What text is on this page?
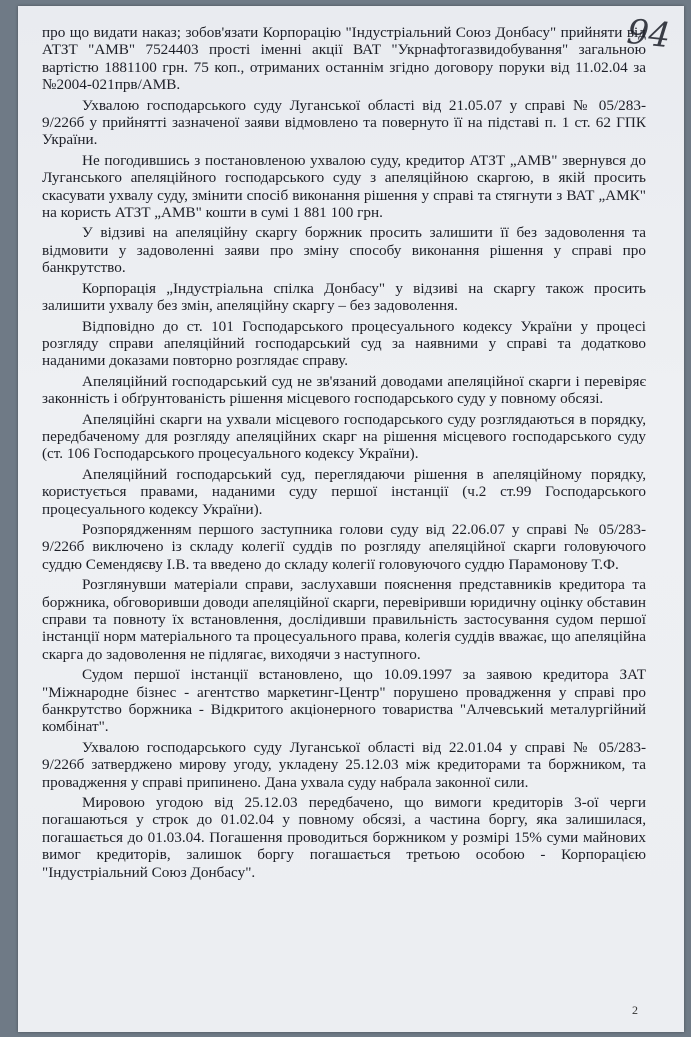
94

про що видати наказ; зобов'язати Корпорацію "Індустріальний Союз Донбасу" прийняти від АТЗТ "АМВ" 7524403 прості іменні акції ВАТ "Укрнафтогазвидобування" загальною вартістю 1881100 грн. 75 коп., отриманих останнім згідно договору поруки від 11.02.04 за №2004-021прв/АМВ.

Ухвалою господарського суду Луганської області від 21.05.07 у справі № 05/283-9/226б у прийнятті зазначеної заяви відмовлено та повернуто її на підставі п. 1 ст. 62 ГПК України.

Не погодившись з постановленою ухвалою суду, кредитор АТЗТ „АМВ" звернувся до Луганського апеляційного господарського суду з апеляційною скаргою, в якій просить скасувати ухвалу суду, змінити спосіб виконання рішення у справі та стягнути з ВАТ „АМК" на користь АТЗТ „АМВ" кошти в сумі 1 881 100 грн.

У відзиві на апеляційну скаргу боржник просить залишити її без задоволення та відмовити у задоволенні заяви про зміну способу виконання рішення у справі про банкрутство.

Корпорація „Індустріальна спілка Донбасу" у відзиві на скаргу також просить залишити ухвалу без змін, апеляційну скаргу – без задоволення.

Відповідно до ст. 101 Господарського процесуального кодексу України у процесі розгляду справи апеляційний господарський суд за наявними у справі та додатково наданими доказами повторно розглядає справу.

Апеляційний господарський суд не зв'язаний доводами апеляційної скарги і перевіряє законність і обґрунтованість рішення місцевого господарського суду у повному обсязі.

Апеляційні скарги на ухвали місцевого господарського суду розглядаються в порядку, передбаченому для розгляду апеляційних скарг на рішення місцевого господарського суду (ст. 106 Господарського процесуального кодексу України).

Апеляційний господарський суд, переглядаючи рішення в апеляційному порядку, користується правами, наданими суду першої інстанції (ч.2 ст.99 Господарського процесуального кодексу України).

Розпорядженням першого заступника голови суду від 22.06.07 у справі № 05/283-9/226б виключено із складу колегії суддів по розгляду апеляційної скарги головуючого суддю Семендяєву І.В. та введено до складу колегії головуючого суддю Парамонову Т.Ф.

Розглянувши матеріали справи, заслухавши пояснення представників кредитора та боржника, обговоривши доводи апеляційної скарги, перевіривши юридичну оцінку обставин справи та повноту їх встановлення, дослідивши правильність застосування судом першої інстанції норм матеріального та процесуального права, колегія суддів вважає, що апеляційна скарга до задоволення не підлягає, виходячи з наступного.

Судом першої інстанції встановлено, що 10.09.1997 за заявою кредитора ЗАТ "Міжнародне бізнес - агентство маркетинг-Центр" порушено провадження у справі про банкрутство боржника - Відкритого акціонерного товариства "Алчевський металургійний комбінат".

Ухвалою господарського суду Луганської області від 22.01.04 у справі № 05/283-9/226б затверджено мирову угоду, укладену 25.12.03 між кредиторами та боржником, та провадження у справі припинено. Дана ухвала суду набрала законної сили.

Мировою угодою від 25.12.03 передбачено, що вимоги кредиторів 3-ої черги погашаються у строк до 01.02.04 у повному обсязі, а частина боргу, яка залишилася, погашається до 01.03.04. Погашення проводиться боржником у розмірі 15% суми майнових вимог кредиторів, залишок боргу погашається третьою особою - Корпорацією "Індустріальний Союз Донбасу".

2
